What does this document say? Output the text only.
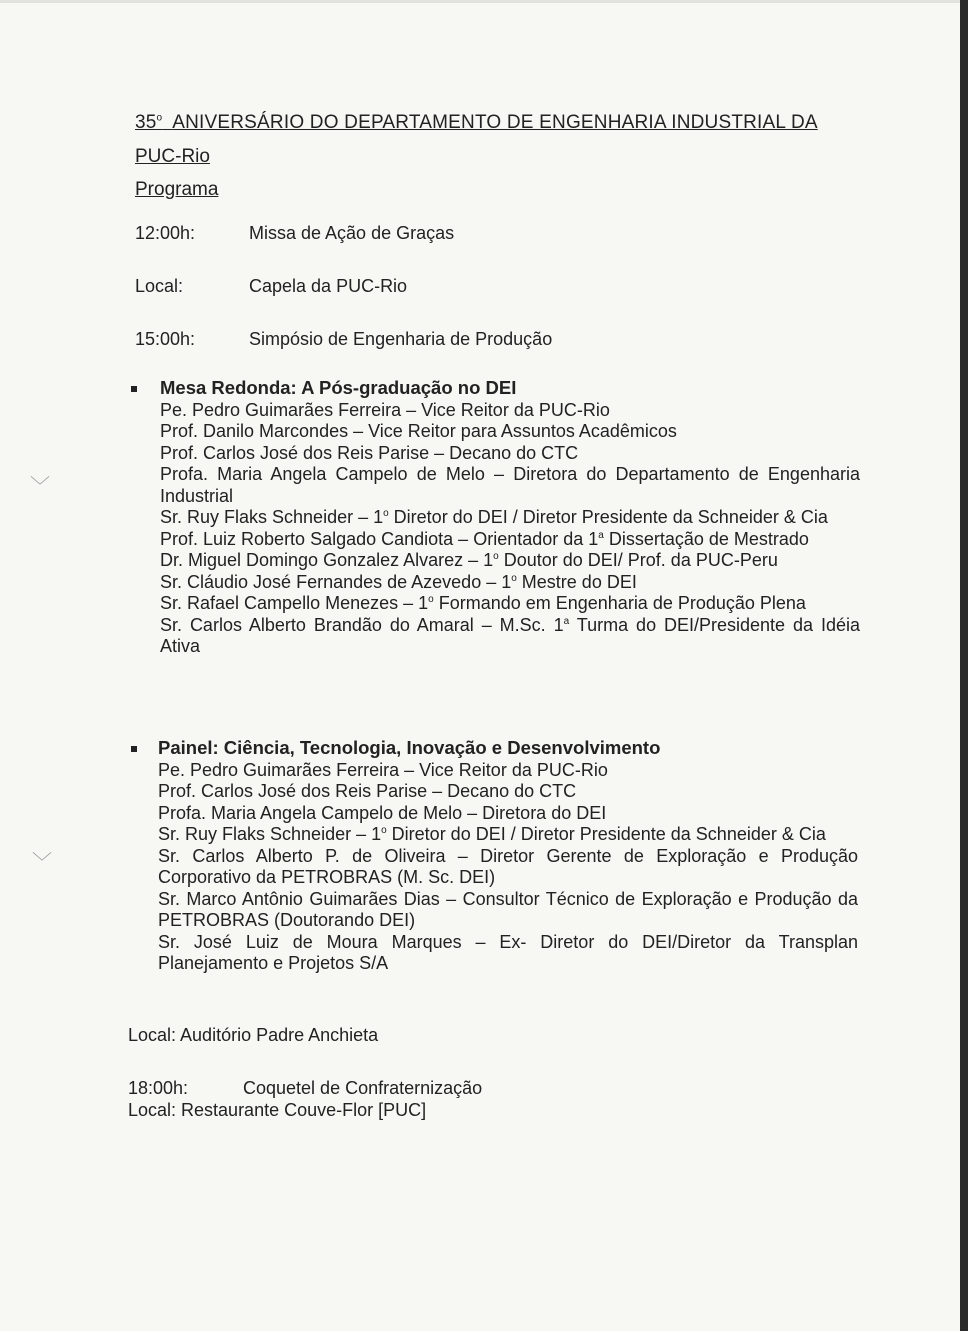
﹀
﹀
35$^o$ ANIVERSÁRIO DO DEPARTAMENTO DE ENGENHARIA INDUSTRIAL DA
PUC-Rio
Programa
12:00h:	Missa de Ação de Graças
Local:	Capela da PUC-Rio
15:00h:	Simpósio de Engenharia de Produção
Mesa Redonda: A Pós-graduação no DEI

Pe. Pedro Guimarães Ferreira – Vice Reitor da PUC-Rio

Prof. Danilo Marcondes – Vice Reitor para Assuntos Acadêmicos

Prof. Carlos José dos Reis Parise – Decano do CTC

Profa. Maria Angela Campelo de Melo – Diretora do Departamento de Engenharia Industrial

Sr. Ruy Flaks Schneider – 1$^o$ Diretor do DEI / Diretor Presidente da Schneider & Cia

Prof. Luiz Roberto Salgado Candiota – Orientador da 1$^a$ Dissertação de Mestrado

Dr. Miguel Domingo Gonzalez Alvarez – 1$^o$ Doutor do DEI/ Prof. da PUC-Peru

Sr. Cláudio José Fernandes de Azevedo – 1$^o$ Mestre do DEI

Sr. Rafael Campello Menezes – 1$^o$ Formando em Engenharia de Produção Plena

Sr. Carlos Alberto Brandão do Amaral – M.Sc. 1$^a$ Turma do DEI/Presidente da Idéia Ativa

Painel: Ciência, Tecnologia, Inovação e Desenvolvimento

Pe. Pedro Guimarães Ferreira – Vice Reitor da PUC-Rio

Prof. Carlos José dos Reis Parise – Decano do CTC

Profa. Maria Angela Campelo de Melo – Diretora do DEI

Sr. Ruy Flaks Schneider – 1$^o$ Diretor do DEI / Diretor Presidente da Schneider & Cia

Sr. Carlos Alberto P. de Oliveira – Diretor Gerente de Exploração e Produção Corporativo da PETROBRAS (M. Sc. DEI)

Sr. Marco Antônio Guimarães Dias – Consultor Técnico de Exploração e Produção da PETROBRAS (Doutorando DEI)

Sr. José Luiz de Moura Marques – Ex- Diretor do DEI/Diretor da Transplan Planejamento e Projetos S/A

Local: Auditório Padre Anchieta
18:00h:	Coquetel de Confraternização
Local: Restaurante Couve-Flor [PUC]
